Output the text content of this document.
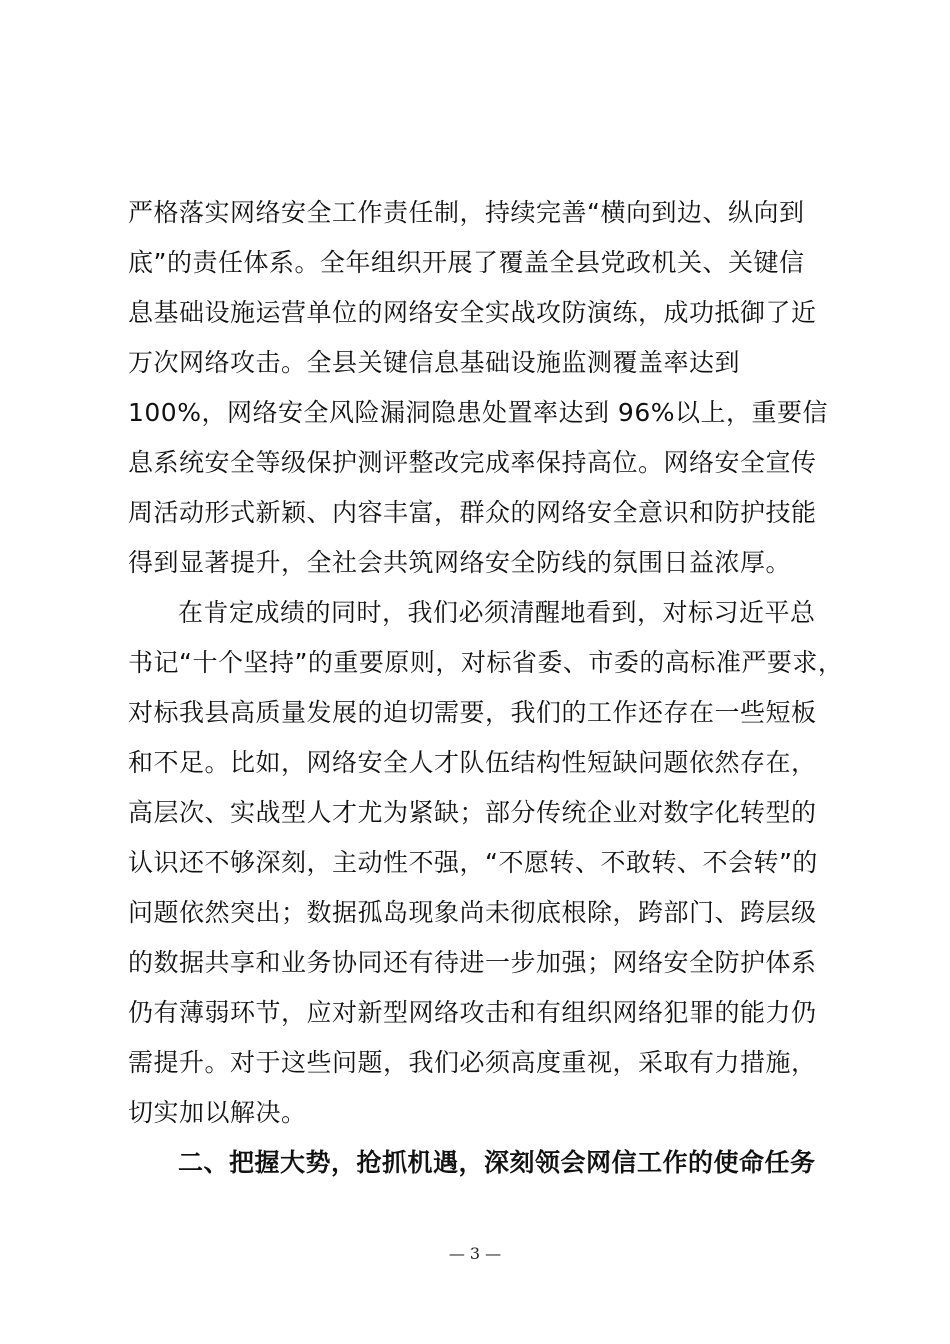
严格落实网络安全工作责任制，持续完善“横向到边、纵向到
底”的责任体系。全年组织开展了覆盖全县党政机关、关键信
息基础设施运营单位的网络安全实战攻防演练，成功抵御了近
万次网络攻击。全县关键信息基础设施监测覆盖率达到
100%，网络安全风险漏洞隐患处置率达到 96%以上，重要信
息系统安全等级保护测评整改完成率保持高位。网络安全宣传
周活动形式新颖、内容丰富，群众的网络安全意识和防护技能
得到显著提升，全社会共筑网络安全防线的氛围日益浓厚。
在肯定成绩的同时，我们必须清醒地看到，对标习近平总
书记“十个坚持”的重要原则，对标省委、市委的高标准严要求，
对标我县高质量发展的迫切需要，我们的工作还存在一些短板
和不足。比如，网络安全人才队伍结构性短缺问题依然存在，
高层次、实战型人才尤为紧缺；部分传统企业对数字化转型的
认识还不够深刻，主动性不强，“不愿转、不敢转、不会转”的
问题依然突出；数据孤岛现象尚未彻底根除，跨部门、跨层级
的数据共享和业务协同还有待进一步加强；网络安全防护体系
仍有薄弱环节，应对新型网络攻击和有组织网络犯罪的能力仍
需提升。对于这些问题，我们必须高度重视，采取有力措施，
切实加以解决。
二、把握大势，抢抓机遇，深刻领会网信工作的使命任务
— 3 —
